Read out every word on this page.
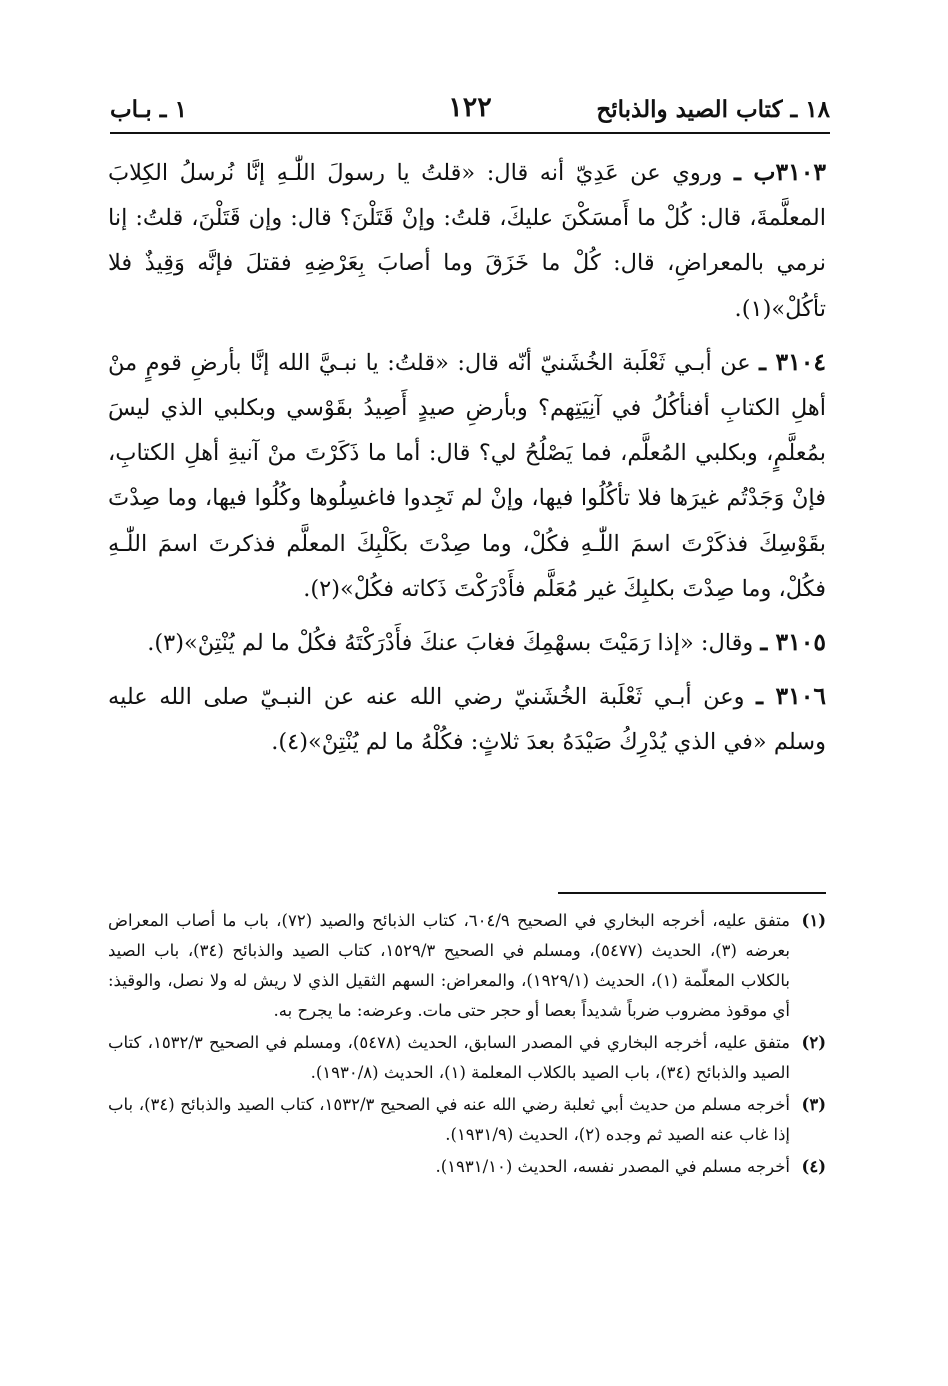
١٨ ـ كتاب الصيد والذبائح
١٢٢
١ ـ بـاب

٣١٠٣ب ـ وروي عن عَدِيّ أنه قال: «قلتُ يا رسولَ اللّٰـهِ إنَّا نُرسلُ الكِلابَ المعلَّمةَ، قال: كُلْ ما أَمسَكْنَ عليكَ، قلتُ: وإنْ قَتَلْنَ؟ قال: وإن قَتَلْنَ، قلتُ: إنا نرمي بالمعراضِ، قال: كُلْ ما خَزَقَ وما أصابَ بِعَرْضِهِ فقتلَ فإنَّه وَقِيذٌ فلا تأكُلْ»(١).

٣١٠٤ ـ عن أبـي ثَعْلَبة الخُشَنيّ أنّه قال: «قلتُ: يا نبـيَّ الله إنَّا بأرضِ قومٍ منْ أهلِ الكتابِ أفنأكُلُ في آنِيَتِهم؟ وبأرضِ صيدٍ أَصِيدُ بقَوْسي وبكلبي الذي ليسَ بمُعلَّمٍ، وبكلبي المُعلَّم، فما يَصْلُحُ لي؟ قال: أما ما ذَكَرْتَ منْ آنيةِ أهلِ الكتابِ، فإنْ وَجَدْتُم غيرَها فلا تأكُلُوا فيها، وإنْ لم تَجِدوا فاغسِلُوها وكُلُوا فيها، وما صِدْتَ بقَوْسِكَ فذكَرْتَ اسمَ اللّٰـهِ فكُلْ، وما صِدْتَ بكَلْبِكَ المعلَّم فذكرتَ اسمَ اللّٰـهِ فكُلْ، وما صِدْتَ بكلبِكَ غير مُعَلَّم فأَدْرَكْتَ ذَكاته فكُلْ»(٢).

٣١٠٥ ـ وقال: «إذا رَمَيْتَ بسهْمِكَ فغابَ عنكَ فأَدْرَكْتَهُ فكُلْ ما لم يُنْتِنْ»(٣).

٣١٠٦ ـ وعن أبـي ثَعْلَبة الخُشَنيّ رضي الله عنه عن النبـيّ صلى الله عليه وسلم «في الذي يُدْرِكُ صَيْدَهُ بعدَ ثلاثٍ: فكُلْهُ ما لم يُنْتِنْ»(٤).

(١)
متفق عليه، أخرجه البخاري في الصحيح ٦٠٤/٩، كتاب الذبائح والصيد (٧٢)، باب ما أصاب المعراض بعرضه (٣)، الحديث (٥٤٧٧)، ومسلم في الصحيح ١٥٢٩/٣، كتاب الصيد والذبائح (٣٤)، باب الصيد بالكلاب المعلّمة (١)، الحديث (١٩٢٩/١)، والمعراض: السهم الثقيل الذي لا ريش له ولا نصل، والوقيذ: أي موقوذ مضروب ضرباً شديداً بعصا أو حجر حتى مات. وعرضه: ما يجرح به.
(٢)
متفق عليه، أخرجه البخاري في المصدر السابق، الحديث (٥٤٧٨)، ومسلم في الصحيح ١٥٣٢/٣، كتاب الصيد والذبائح (٣٤)، باب الصيد بالكلاب المعلمة (١)، الحديث (١٩٣٠/٨).
(٣)
أخرجه مسلم من حديث أبي ثعلبة رضي الله عنه في الصحيح ١٥٣٢/٣، كتاب الصيد والذبائح (٣٤)، باب إذا غاب عنه الصيد ثم وجده (٢)، الحديث (١٩٣١/٩).
(٤)
أخرجه مسلم في المصدر نفسه، الحديث (١٩٣١/١٠).
